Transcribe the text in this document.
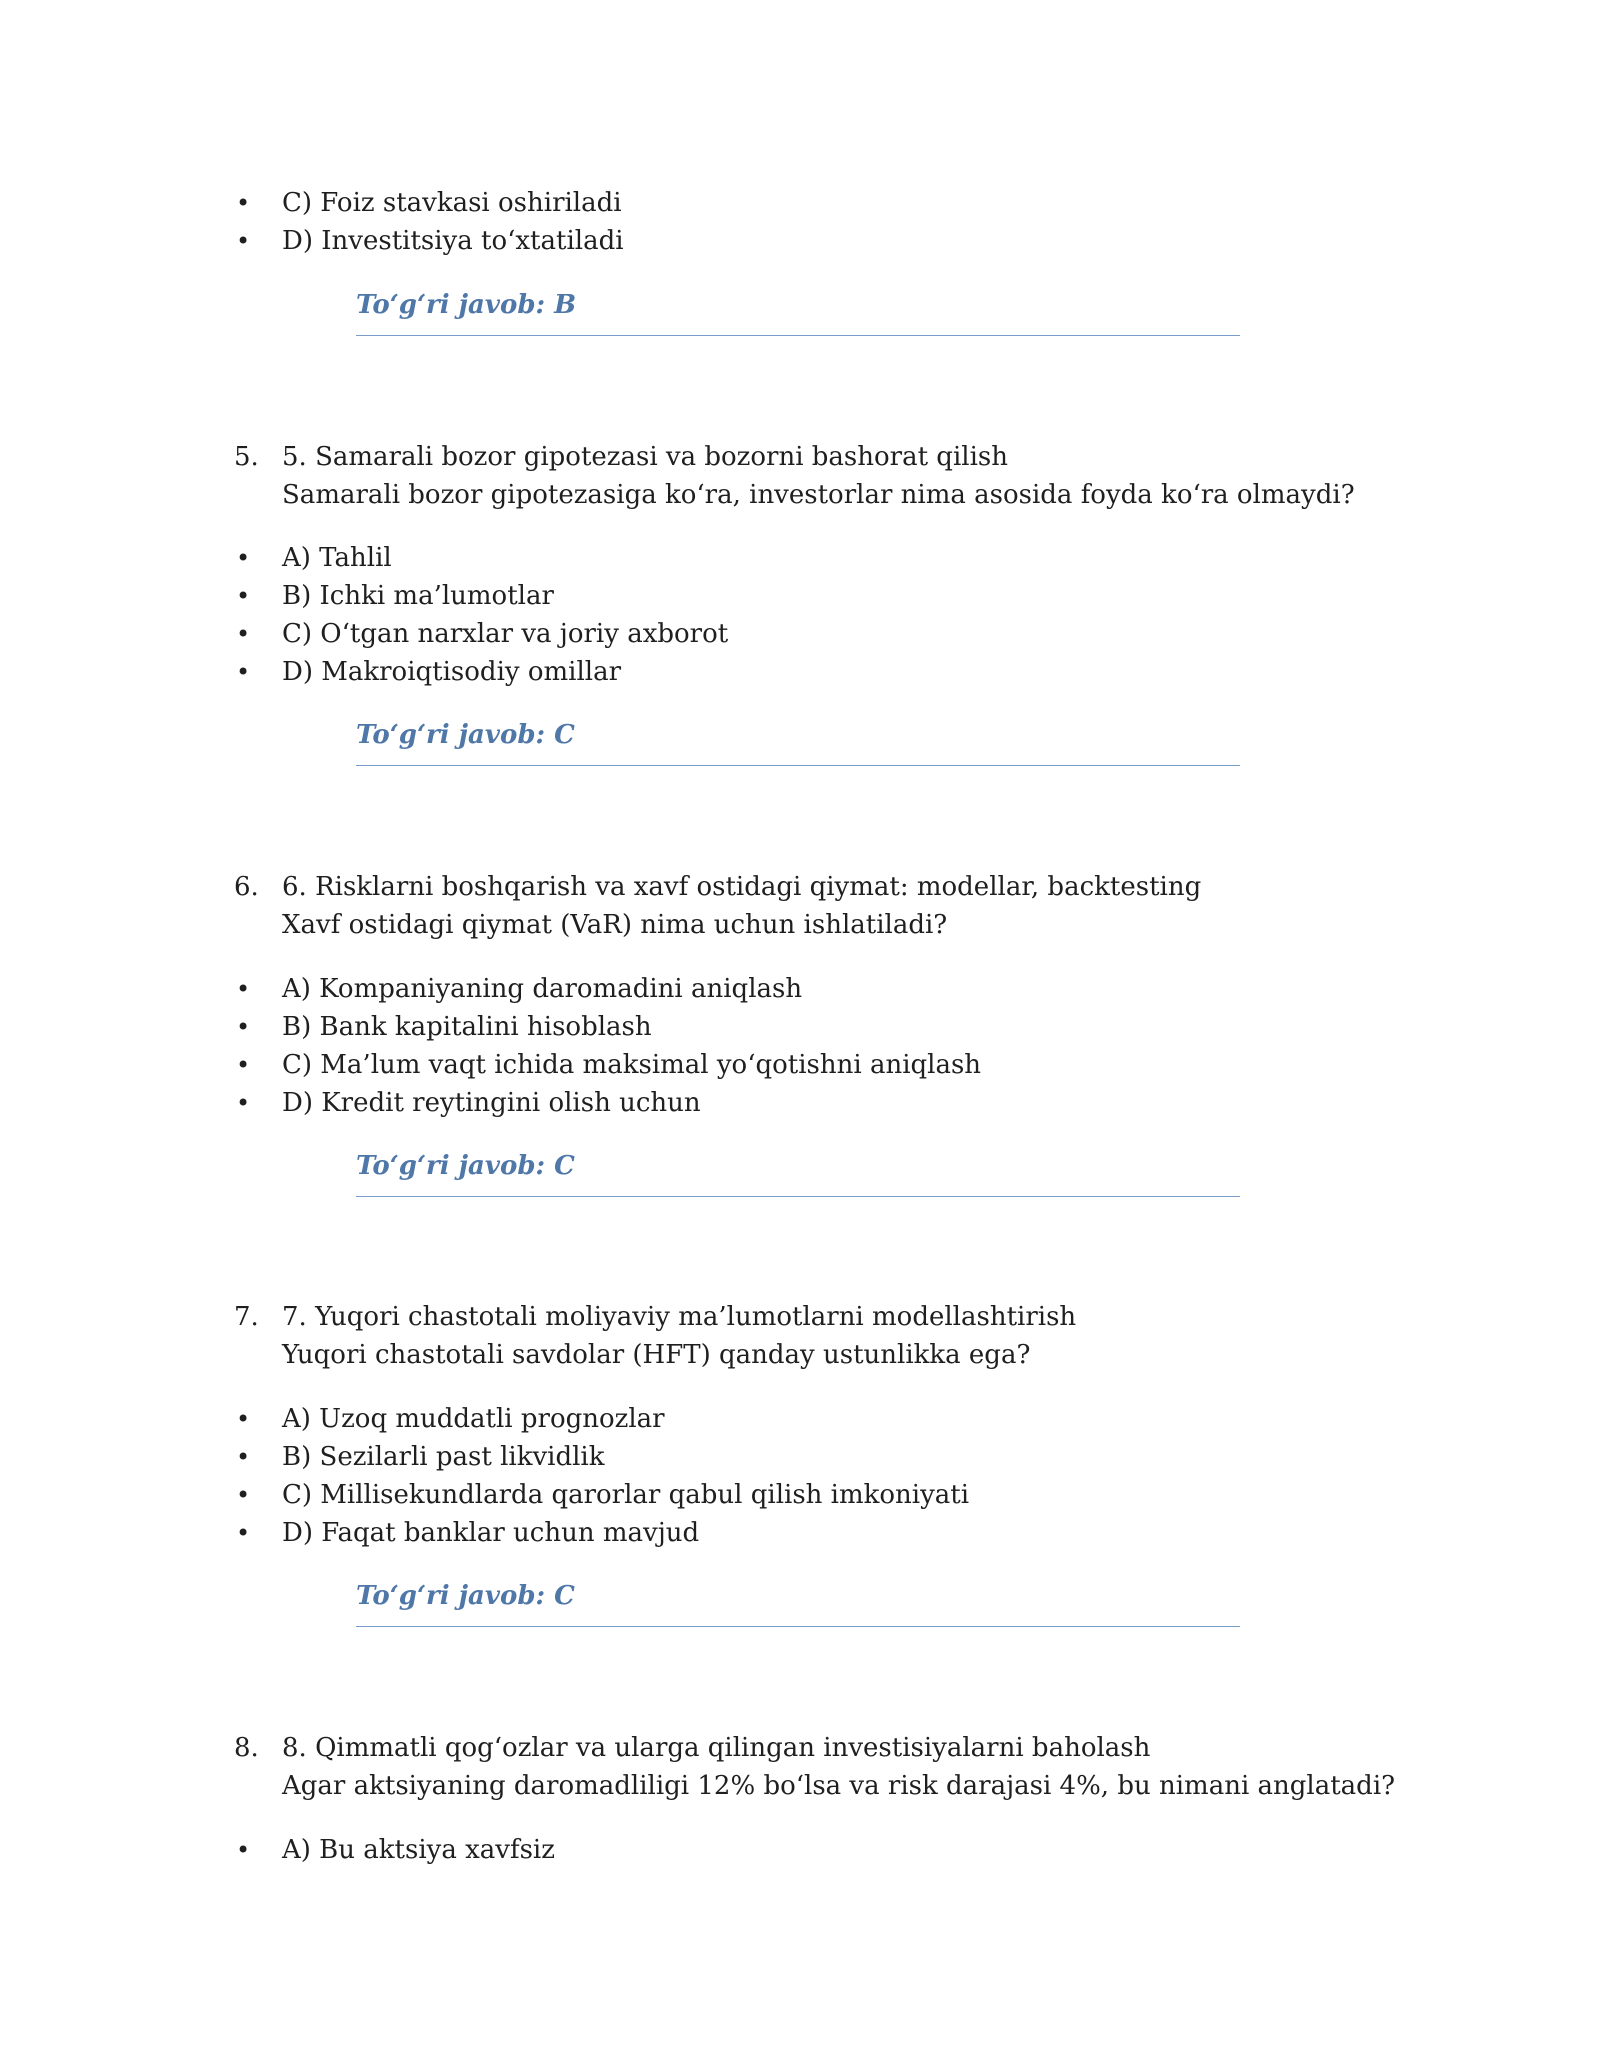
•	C) Foiz stavkasi oshiriladi
•	D) Investitsiya to‘xtatiladi
To‘g‘ri javob: B
5. 5. Samarali bozor gipotezasi va bozorni bashorat qilish
Samarali bozor gipotezasiga ko‘ra, investorlar nima asosida foyda ko‘ra olmaydi?
•	A) Tahlil
•	B) Ichki ma’lumotlar
•	C) O‘tgan narxlar va joriy axborot
•	D) Makroiqtisodiy omillar
To‘g‘ri javob: C
6. 6. Risklarni boshqarish va xavf ostidagi qiymat: modellar, backtesting
Xavf ostidagi qiymat (VaR) nima uchun ishlatiladi?
•	A) Kompaniyaning daromadini aniqlash
•	B) Bank kapitalini hisoblash
•	C) Ma’lum vaqt ichida maksimal yo‘qotishni aniqlash
•	D) Kredit reytingini olish uchun
To‘g‘ri javob: C
7. 7. Yuqori chastotali moliyaviy ma’lumotlarni modellashtirish
Yuqori chastotali savdolar (HFT) qanday ustunlikka ega?
•	A) Uzoq muddatli prognozlar
•	B) Sezilarli past likvidlik
•	C) Millisekundlarda qarorlar qabul qilish imkoniyati
•	D) Faqat banklar uchun mavjud
To‘g‘ri javob: C
8. 8. Qimmatli qog‘ozlar va ularga qilingan investisiyalarni baholash
Agar aktsiyaning daromadliligi 12% bo‘lsa va risk darajasi 4%, bu nimani anglatadi?
•	A) Bu aktsiya xavfsiz
